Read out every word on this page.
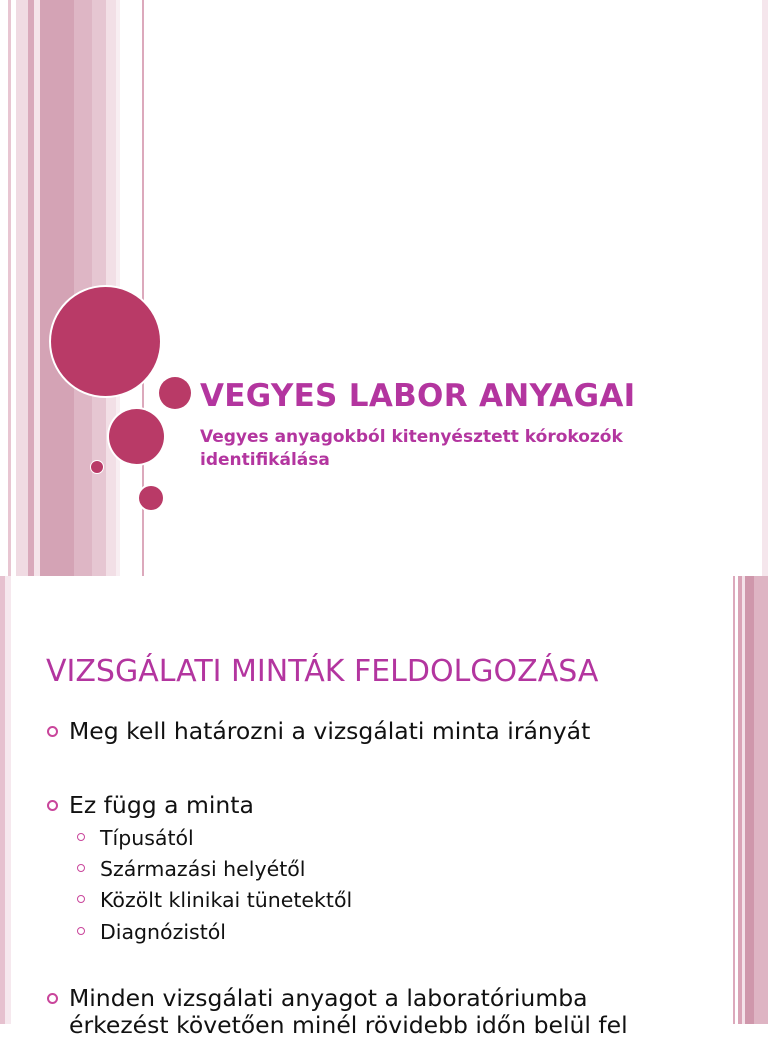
VEGYES LABOR ANYAGAI
Vegyes anyagokból kitenyésztett kórokozók identifikálása
VIZSGÁLATI MINTÁK FELDOLGOZÁSA
Meg kell határozni a vizsgálati minta irányát
Ez függ a minta
Típusától
Származási helyétől
Közölt klinikai tünetektől
Diagnózistól
Minden vizsgálati anyagot a laboratóriumba
érkezést követően minél rövidebb időn belül fel
